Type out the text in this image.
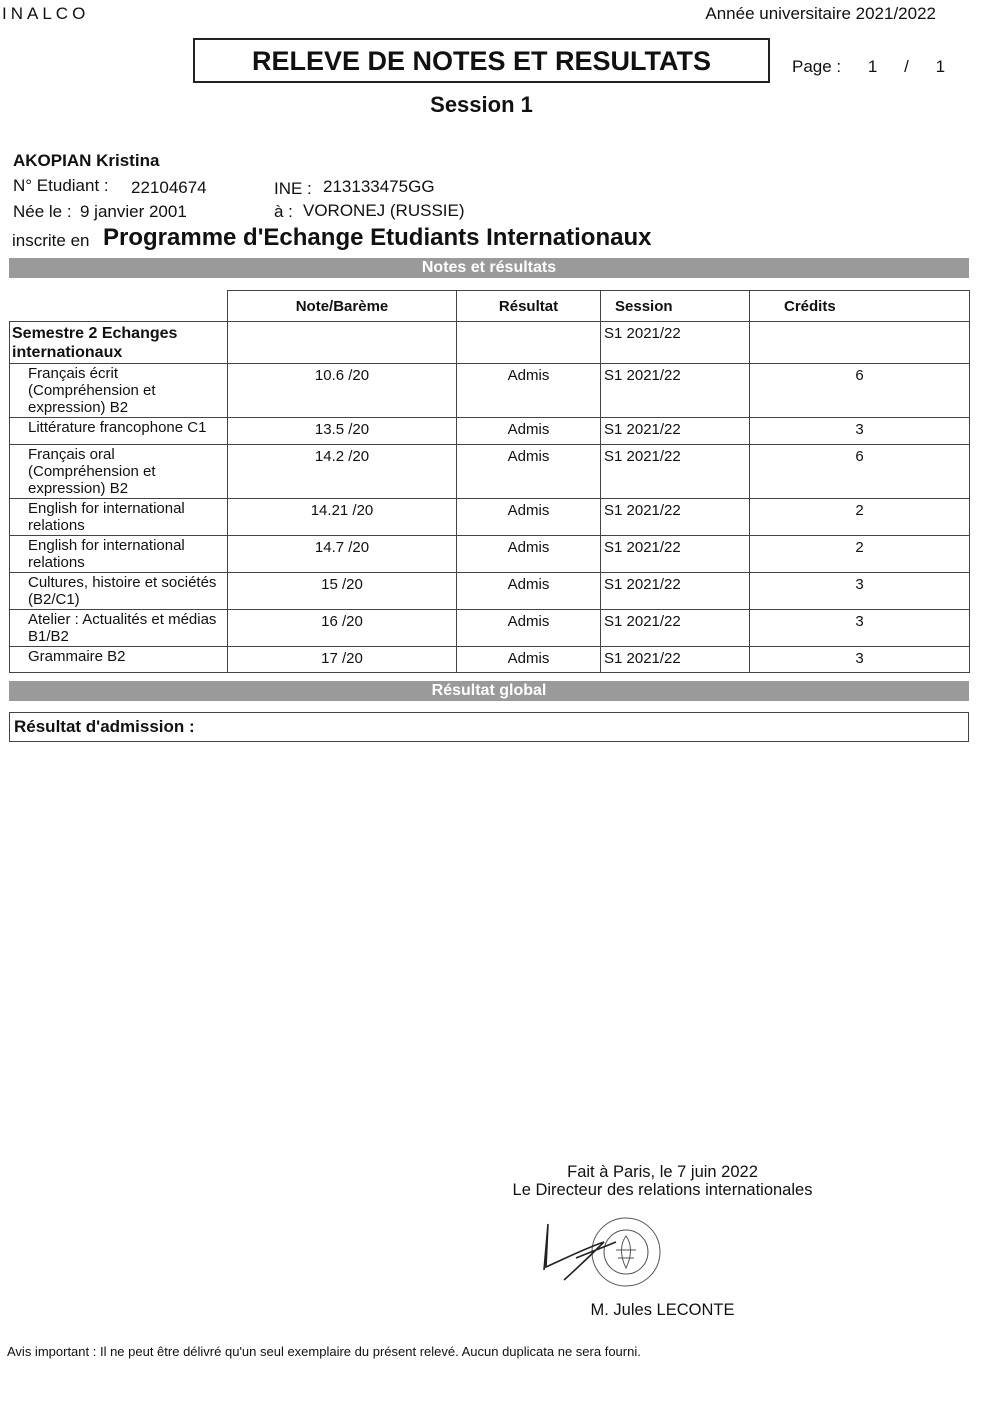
INALCO	Année universitaire 2021/2022
RELEVE DE NOTES ET RESULTATS	Page : 1 / 1
Session 1
AKOPIAN Kristina
N° Etudiant : 22104674	INE : 213133475GG
Née le : 9 janvier 2001	à : VORONEJ (RUSSIE)
inscrite en Programme d'Echange Etudiants Internationaux
Notes et résultats
	Note/Barème	Résultat	Session	Crédits
Semestre 2 Echanges internationaux			S1 2021/22	
Français écrit (Compréhension et expression) B2	10.6 /20	Admis	S1 2021/22	6
Littérature francophone C1	13.5 /20	Admis	S1 2021/22	3
Français oral (Compréhension et expression) B2	14.2 /20	Admis	S1 2021/22	6
English for international relations	14.21 /20	Admis	S1 2021/22	2
English for international relations	14.7 /20	Admis	S1 2021/22	2
Cultures, histoire et sociétés (B2/C1)	15 /20	Admis	S1 2021/22	3
Atelier : Actualités et médias B1/B2	16 /20	Admis	S1 2021/22	3
Grammaire B2	17 /20	Admis	S1 2021/22	3
Résultat global
Résultat d'admission :
Fait à Paris, le 7 juin 2022
Le Directeur des relations internationales
M. Jules LECONTE
Avis important : Il ne peut être délivré qu'un seul exemplaire du présent relevé. Aucun duplicata ne sera fourni.
